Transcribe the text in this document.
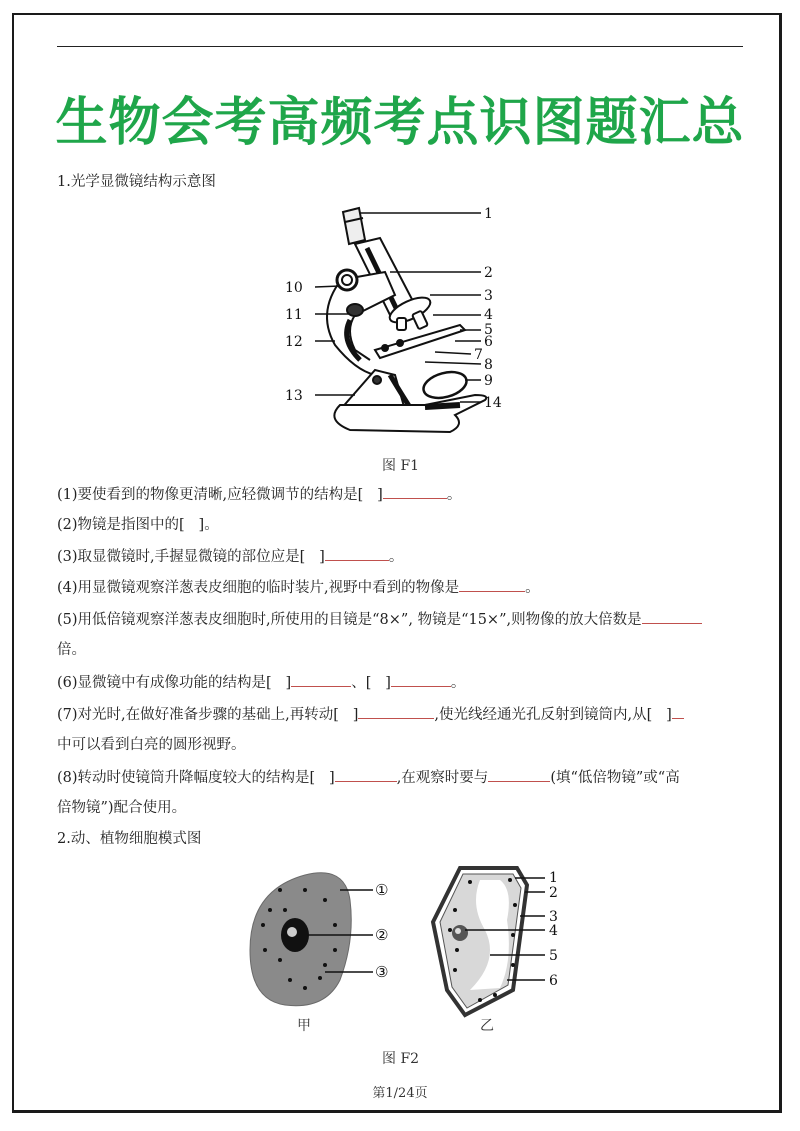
生物会考高频考点识图题汇总
1.光学显微镜结构示意图
1
2
3
4
5
6
7
8
9
10
11
12
13	14
图 F1
(1)要使看到的物像更清晰,应轻微调节的结构是[ ]	。
(2)物镜是指图中的[ ]。
(3)取显微镜时,手握显微镜的部位应是[ ]	。
(4)用显微镜观察洋葱表皮细胞的临时装片,视野中看到的物像是	。
(5)用低倍镜观察洋葱表皮细胞时,所使用的目镜是“8×”, 物镜是“15×”,则物像的放大倍数是
倍。
(6)显微镜中有成像功能的结构是[ ]	、[ ]	。
(7)对光时,在做好准备步骤的基础上,再转动[ ]	,使光线经通光孔反射到镜筒内,从[ ]
中可以看到白亮的圆形视野。
(8)转动时使镜筒升降幅度较大的结构是[ ]	,在观察时要与	(填“低倍物镜”或“高
倍物镜”)配合使用。
2.动、植物细胞模式图
①
②
③
1
2
3
4
5
6
甲	乙
图 F2
第1/24页
